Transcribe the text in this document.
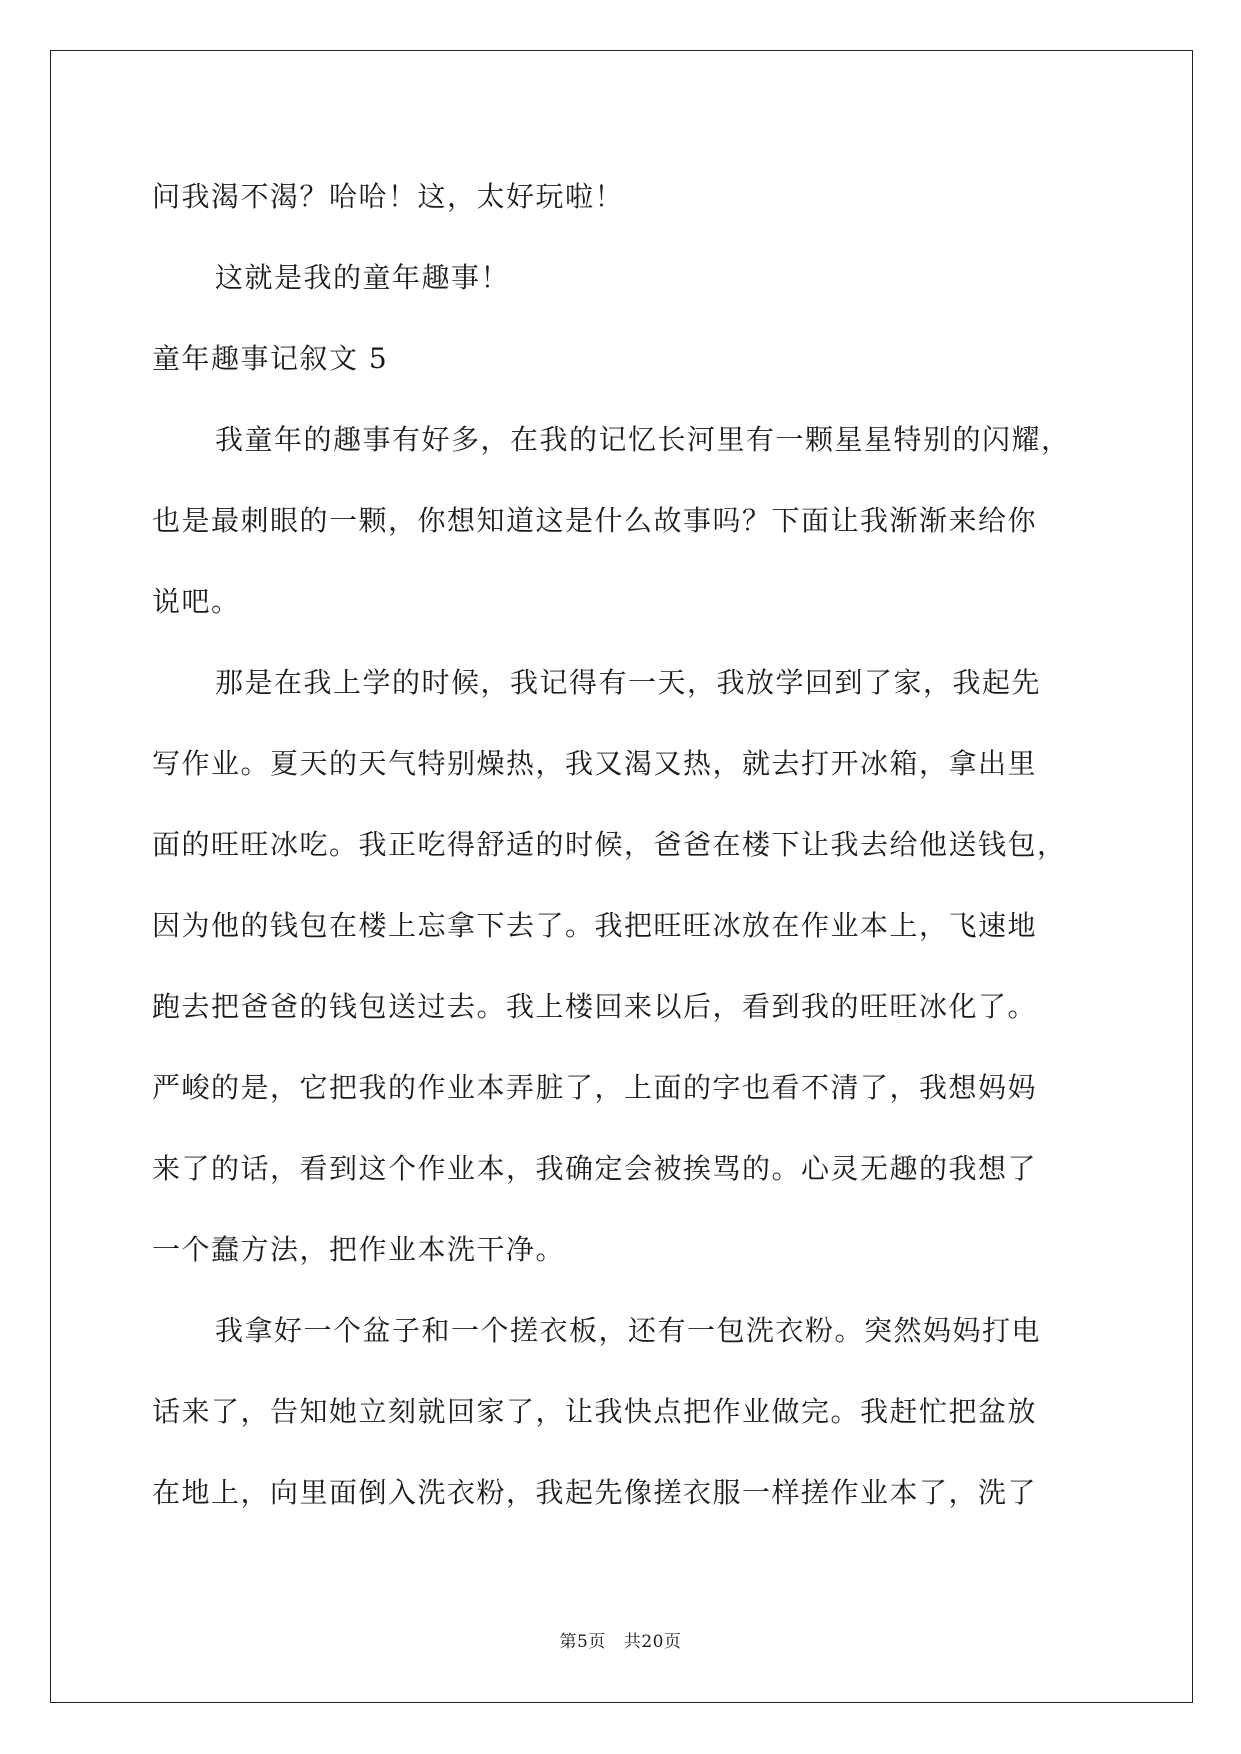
问我渴不渴？哈哈！这，太好玩啦！
这就是我的童年趣事！
童年趣事记叙文 5
我童年的趣事有好多，在我的记忆长河里有一颗星星特别的闪耀，
也是最刺眼的一颗，你想知道这是什么故事吗？下面让我渐渐来给你
说吧。
那是在我上学的时候，我记得有一天，我放学回到了家，我起先
写作业。夏天的天气特别燥热，我又渴又热，就去打开冰箱，拿出里
面的旺旺冰吃。我正吃得舒适的时候，爸爸在楼下让我去给他送钱包，
因为他的钱包在楼上忘拿下去了。我把旺旺冰放在作业本上，飞速地
跑去把爸爸的钱包送过去。我上楼回来以后，看到我的旺旺冰化了。
严峻的是，它把我的作业本弄脏了，上面的字也看不清了，我想妈妈
来了的话，看到这个作业本，我确定会被挨骂的。心灵无趣的我想了
一个蠢方法，把作业本洗干净。
我拿好一个盆子和一个搓衣板，还有一包洗衣粉。突然妈妈打电
话来了，告知她立刻就回家了，让我快点把作业做完。我赶忙把盆放
在地上，向里面倒入洗衣粉，我起先像搓衣服一样搓作业本了，洗了
第5页 共20页
